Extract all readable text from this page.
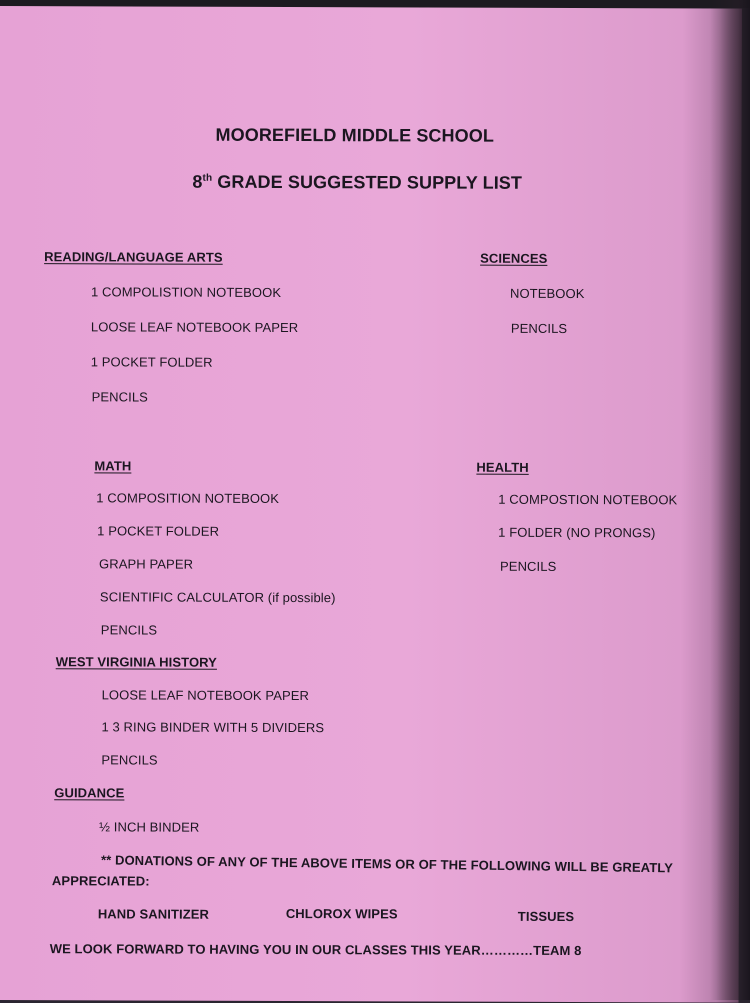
MOOREFIELD MIDDLE SCHOOL
8th GRADE SUGGESTED SUPPLY LIST
READING/LANGUAGE ARTS
1 COMPOLISTION NOTEBOOK
LOOSE LEAF NOTEBOOK PAPER
1 POCKET FOLDER
PENCILS
SCIENCES
NOTEBOOK
PENCILS
MATH
1 COMPOSITION NOTEBOOK
1 POCKET FOLDER
GRAPH PAPER
SCIENTIFIC CALCULATOR (if possible)
PENCILS
HEALTH
1 COMPOSTION NOTEBOOK
1 FOLDER (NO PRONGS)
PENCILS
WEST VIRGINIA HISTORY
LOOSE LEAF NOTEBOOK PAPER
1 3 RING BINDER WITH 5 DIVIDERS
PENCILS
GUIDANCE
½ INCH BINDER
** DONATIONS OF ANY OF THE ABOVE ITEMS OR OF THE FOLLOWING WILL BE GREATLY
APPRECIATED:
HAND SANITIZER	CHLOROX WIPES	TISSUES
WE LOOK FORWARD TO HAVING YOU IN OUR CLASSES THIS YEAR…………TEAM 8
